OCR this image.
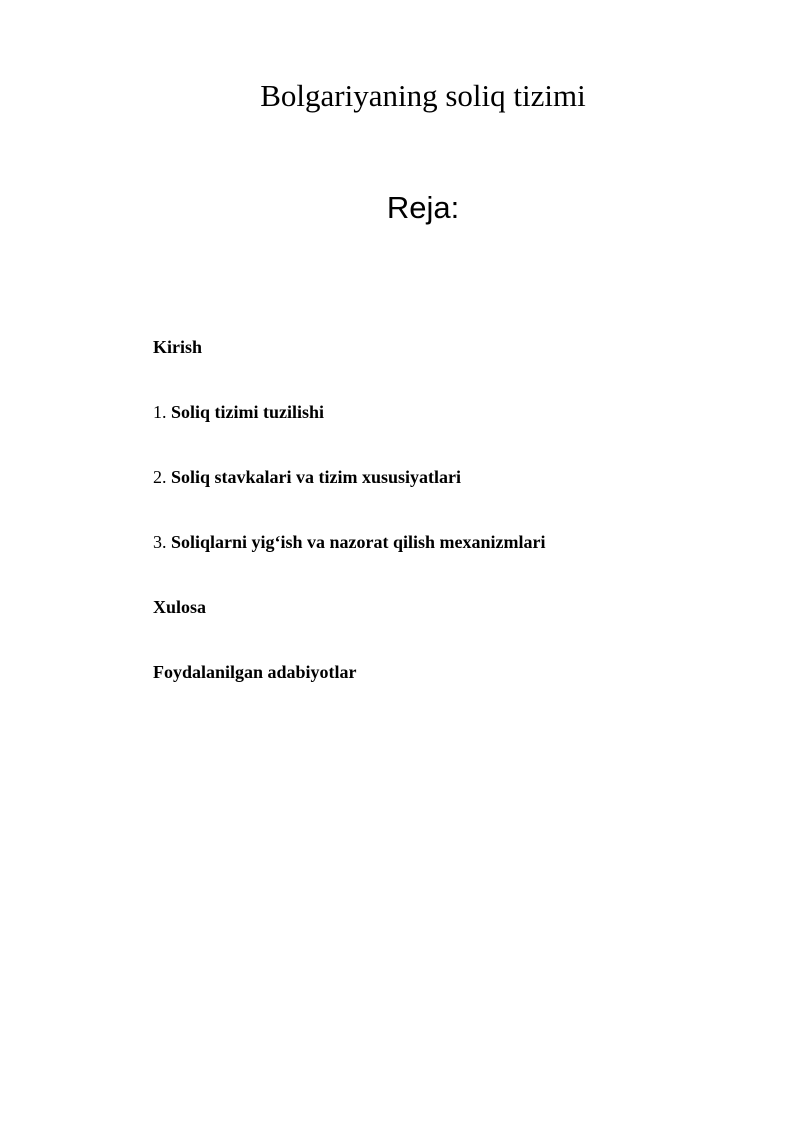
Bolgariyaning soliq tizimi
Reja:
Kirish
1. Soliq tizimi tuzilishi
2. Soliq stavkalari va tizim xususiyatlari
3. Soliqlarni yig‘ish va nazorat qilish mexanizmlari
Xulosa
Foydalanilgan adabiyotlar
